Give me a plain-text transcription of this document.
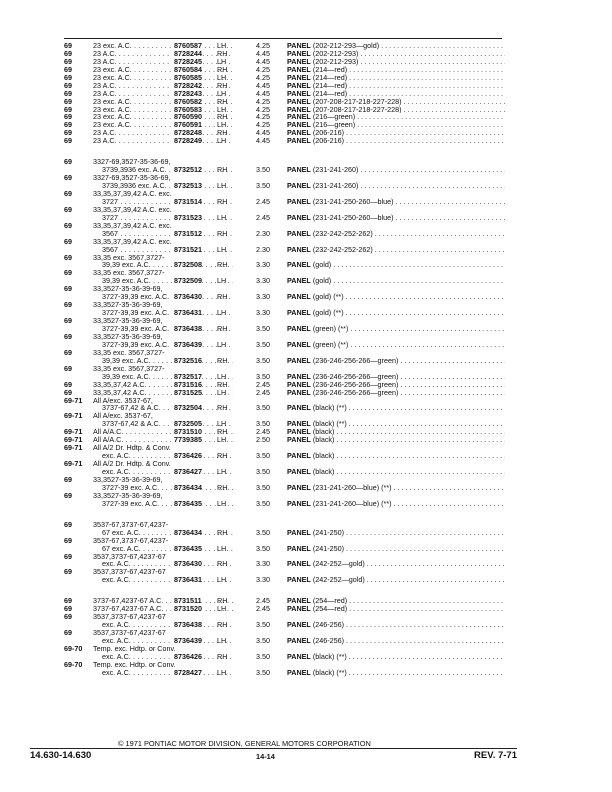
69	23 exc. A.C. . . .	8760587 LH	4.25 PANEL (202-212-293—gold) . . .
69	23 A.C. . . .	8728244 RH	4.45 PANEL (202-212-293) . . .
69	23 A.C. . . .	8728245 LH	4.45 PANEL (202-212-293) . . .
69	23 exc. A.C. . . .	8760584 RH	4.25 PANEL (214—red) . . .
69	23 exc. A.C. . . .	8760585 LH	4.25 PANEL (214—red) . . .
69	23 A.C. . . .	8728242 RH	4.45 PANEL (214—red) . . .
69	23 A.C. . . .	8728243 LH	4.45 PANEL (214—red) . . .
69	23 exc. A.C. . . .	8760582 RH	4.25 PANEL (207-208-217-218-227-228) . . .
69	23 exc. A.C. . . .	8760583 LH	4.25 PANEL (207-208-217-218-227-228) . . .
69	23 exc. A.C. . . .	8760590 RH	4.25 PANEL (216—green) . . .
69	23 exc. A.C. . . .	8760591 LH	4.25 PANEL (216—green) . . .
69	23 A.C. . . .	8728248 RH	4.45 PANEL (206-216) . . .
69	23 A.C. . . .	8728249 LH	4.45 PANEL (206-216) . . .
69	3327-69,3527-35-36-69,
3739,3936 exc. A.C. . . .	8732512 RH	3.50 PANEL (231-241-260) . . .
69	3327-69,3527-35-36-69,
3739,3936 exc. A.C. . . .	8732513 LH	3.50 PANEL (231-241-260) . . .
69	33,35,37,39,42 A.C. exc.
3727 . . .	8731514 RH	2.45 PANEL (231-241-250-260—blue) . . .
69	33,35,37,39,42 A.C. exc.
3727 . . .	8731523 LH	2.45 PANEL (231-241-250-260—blue) . . .
69	33,35,37,39,42 A.C. exc.
3567 . . .	8731512 RH	2.30 PANEL (232-242-252-262) . . .
69	33,35,37,39,42 A.C. exc.
3567 . . .	8731521 LH	2.30 PANEL (232-242-252-262) . . .
69	33,35 exc. 3567,3727-
39,39 exc. A.C. . . .	8732508 RH	3.30 PANEL (gold) . . .
69	33,35 exc. 3567,3727-
39,39 exc. A.C. . . .	8732509 LH	3.30 PANEL (gold) . . .
69	33,3527-35-36-39-69,
3727-39,39 exc. A.C. . . . 8736430 RH	3.30 PANEL (gold) (**) . . .
69	33,3527-35-36-39-69,
3727-39,39 exc. A.C. . . . 8736431 LH	3.30 PANEL (gold) (**) . . .
69	33,3527-35-36-39-69,
3727-39,39 exc. A.C. . . . 8736438 RH	3.50 PANEL (green) (**) . . .
69	33,3527-35-36-39-69,
3727-39,39 exc. A.C. . . . 8736439 LH	3.50 PANEL (green) (**) . . .
69	33,35 exc. 3567,3727-
39,39 exc. A.C. . . .	8732516 RH	3.50 PANEL (236-246-256-266—green) . . .
69	33,35 exc. 3567,3727-
39,39 exc. A.C. . . .	8732517 LH	3.50 PANEL (236-246-256-266—green) . . .
69	33,35,37,42 A.C. . . .	8731516 RH	2.45 PANEL (236-246-256-266—green) . . .
69	33,35,37,42 A.C. . . .	8731525 LH	2.45 PANEL (236-246-256-266—green) . . .
69-71 All A/exc. 3537-67,
3737-67,42 & A.C. . . .	8732504 RH	3.50 PANEL (black) (**) . . .
69-71 All A/exc. 3537-67,
3737-67,42 & A.C. . . .	8732505 LH	3.50 PANEL (black) (**) . . .
69-71 All A/A.C. . . .	8731510 RH	2.45 PANEL (black) . . .
69-71 All A/A.C. . . .	7739385 LH	2.50 PANEL (black) . . .
69-71 All A/2 Dr. Hdtp. & Conv.
exc. A.C. . . .	8736426 RH	3.50 PANEL (black) . . .
69-71 All A/2 Dr. Hdtp. & Conv.
exc. A.C. . . .	8736427 LH	3.50 PANEL (black) . . .
69	33,3527-35-36-39-69,
3727-39 exc. A.C. . . .	8736434 RH	3.50 PANEL (231-241-260—blue) (**) . . .
69	33,3527-35-36-39-69,
3727-39 exc. A.C. . . .	8736435 LH	3.50 PANEL (231-241-260—blue) (**) . . .
69	3537-67,3737-67,4237-
67 exc. A.C. . . .	8736434 RH	3.50 PANEL (241-250) . . .
69	3537-67,3737-67,4237-
67 exc. A.C. . . .	8736435 LH	3.50 PANEL (241-250) . . .
69	3537,3737-67,4237-67
exc. A.C. . . .	8736430 RH	3.30 PANEL (242-252—gold) . . .
69	3537,3737-67,4237-67
exc. A.C. . . .	8736431 LH	3.30 PANEL (242-252—gold) . . .
69	3737-67,4237-67 A.C. . . .	8731511 RH	2.45 PANEL (254—red) . . .
69	3737-67,4237-67 A.C. . . .	8731520 LH	2.45 PANEL (254—red) . . .
69	3537,3737-67,4237-67
exc. A.C. . . .	8736438 RH	3.50 PANEL (246-256) . . .
69	3537,3737-67,4237-67
exc. A.C. . . .	8736439 LH	3.50 PANEL (246-256) . . .
69-70 Temp. exc. Hdtp. or Conv.
exc. A.C. . . .	8736426 RH	3.50 PANEL (black) (**) . . .
69-70 Temp. exc. Hdtp. or Conv.
exc. A.C. . . .	8728427 LH	3.50 PANEL (black) (**) . . .
© 1971 PONTIAC MOTOR DIVISION, GENERAL MOTORS CORPORATION
14.630-14.630	14-14	REV. 7-71
